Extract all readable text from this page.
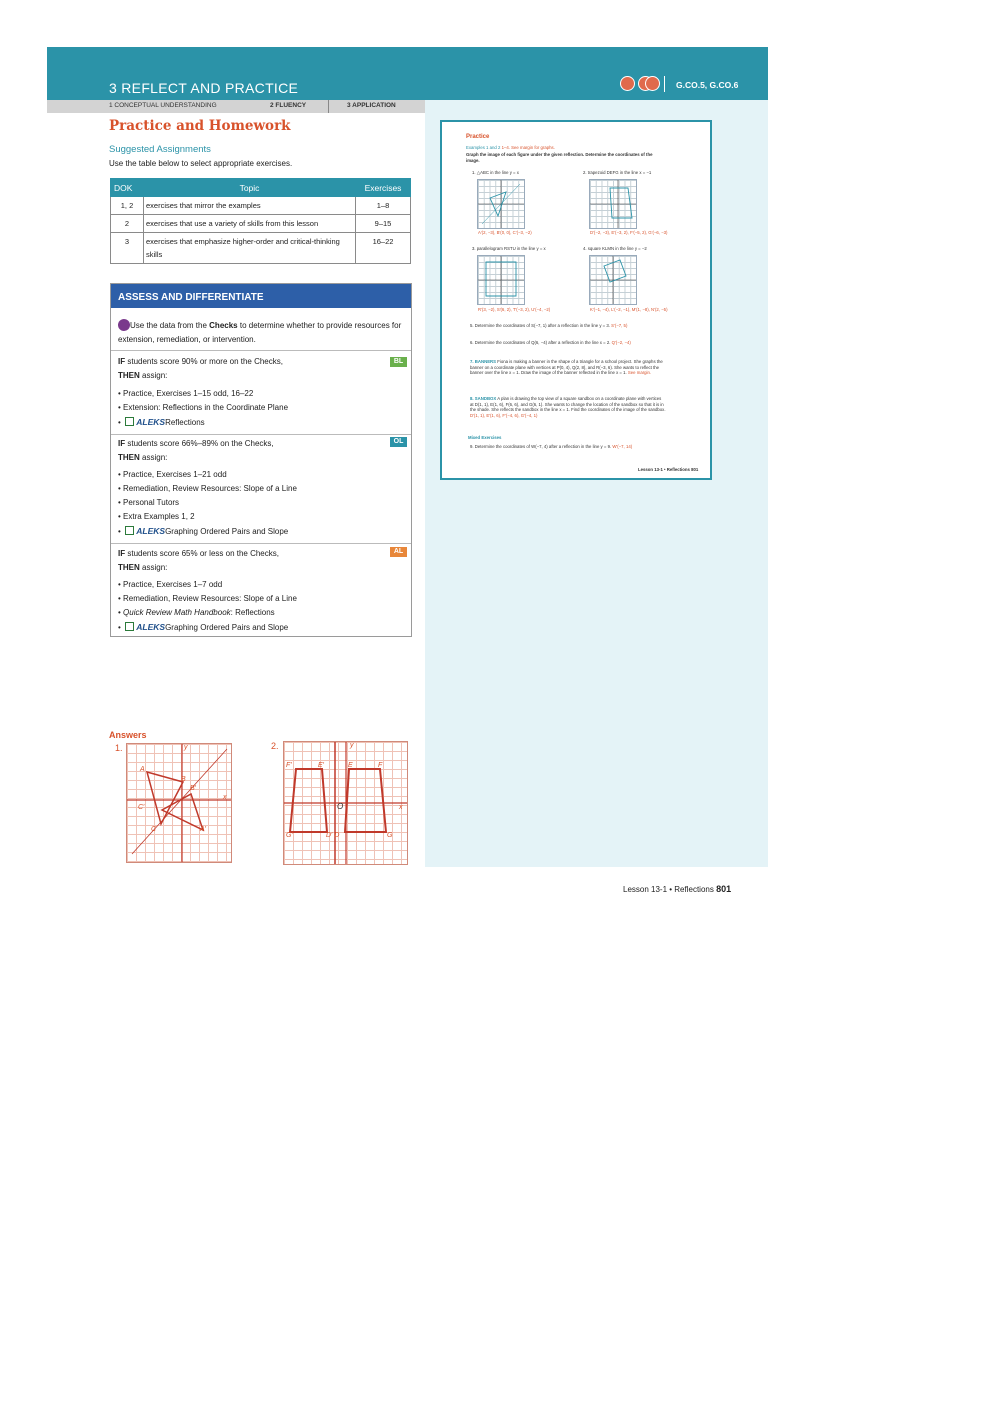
3 REFLECT AND PRACTICE	G.CO.5, G.CO.6
1 CONCEPTUAL UNDERSTANDING	2 FLUENCY	3 APPLICATION
Practice and Homework
Suggested Assignments
Use the table below to select appropriate exercises.
DOK	Topic	Exercises
1, 2	exercises that mirror the examples	1–8
2	exercises that use a variety of skills from this lesson	9–15
3	exercises that emphasize higher-order and critical-thinking skills	16–22
ASSESS AND DIFFERENTIATE
Use the data from the Checks to determine whether to provide resources for extension, remediation, or intervention.
BL
IF students score 90% or more on the Checks,
THEN assign:
• Practice, Exercises 1–15 odd, 16–22
• Extension: Reflections in the Coordinate Plane
•  ALEKSReflections
OL
IF students score 66%–89% on the Checks,
THEN assign:
• Practice, Exercises 1–21 odd
• Remediation, Review Resources: Slope of a Line
• Personal Tutors
• Extra Examples 1, 2
•  ALEKSGraphing Ordered Pairs and Slope
AL
IF students score 65% or less on the Checks,
THEN assign:
• Practice, Exercises 1–7 odd
• Remediation, Review Resources: Slope of a Line
• Quick Review Math Handbook: Reflections
•  ALEKSGraphing Ordered Pairs and Slope
Practice
Examples 1 and 2 1–4. See margin for graphs.
Graph the image of each figure under the given reflection. Determine the coordinates of the image.
1. △ABC in the line y = x	2. trapezoid DEFG in the line x = −1
A′(2, −3), B′(0, 0), C′(−3, −2)	D′(−2, −3), E′(−3, 2), F′(−5, 2), G′(−6, −3)
3. parallelogram RSTU in the line y = x	4. square KLMN in the line y = −2
R′(3, −2), S′(6, 2), T′(−3, 2), U′(−4, −2)	K′(−1, −4), L′(−2, −1), M′(1, −8), N′(2, −5)
5. Determine the coordinates of S(−7, 1) after a reflection in the line y = 3. S′(−7, 5)
6. Determine the coordinates of Q(6, −4) after a reflection in the line x = 2. Q′(−2, −4)
7. BANNERS Fiona is making a banner in the shape of a triangle for a school project. She graphs the banner on a coordinate plane with vertices at P(0, 4), Q(2, 8), and R(−3, 6). She wants to reflect the banner over the line x = 1. Draw the image of the banner reflected in the line x = 1. See margin.
8. SANDBOX A plan is drawing the top view of a square sandbox on a coordinate plane with vertices at D(1, 1), E(1, 6), F(6, 6), and G(6, 1). She wants to change the location of the sandbox so that it is in the shade. She reflects the sandbox in the line x = 1. Find the coordinates of the image of the sandbox. D′(1, 1), E′(1, 6), F′(−4, 6), G′(−4, 1)
Mixed Exercises
9. Determine the coordinates of W(−7, 4) after a reflection in the line y = 9. W′(−7, 14)
Lesson 13-1 • Reflections 801
Answers
1.	2.
y
x
A
B
B′
C′
C	A′
y
x
O
F′	E′	E	F
G′	D′ D	G
Lesson 13-1 • Reflections 801
